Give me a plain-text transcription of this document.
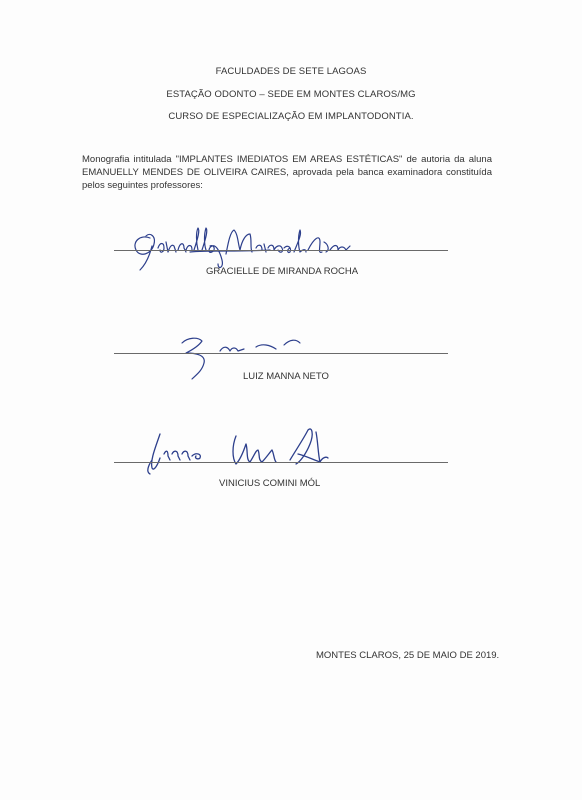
FACULDADES DE SETE LAGOAS
ESTAÇÃO ODONTO – SEDE EM MONTES CLAROS/MG
CURSO DE ESPECIALIZAÇÃO EM IMPLANTODONTIA.
Monografia intitulada "IMPLANTES IMEDIATOS EM AREAS ESTÉTICAS" de autoria da aluna EMANUELLY MENDES DE OLIVEIRA CAIRES, aprovada pela banca examinadora constituída pelos seguintes professores:
GRACIELLE DE MIRANDA ROCHA
LUIZ MANNA NETO
VINICIUS COMINI MÓL
MONTES CLAROS, 25 DE MAIO DE 2019.
